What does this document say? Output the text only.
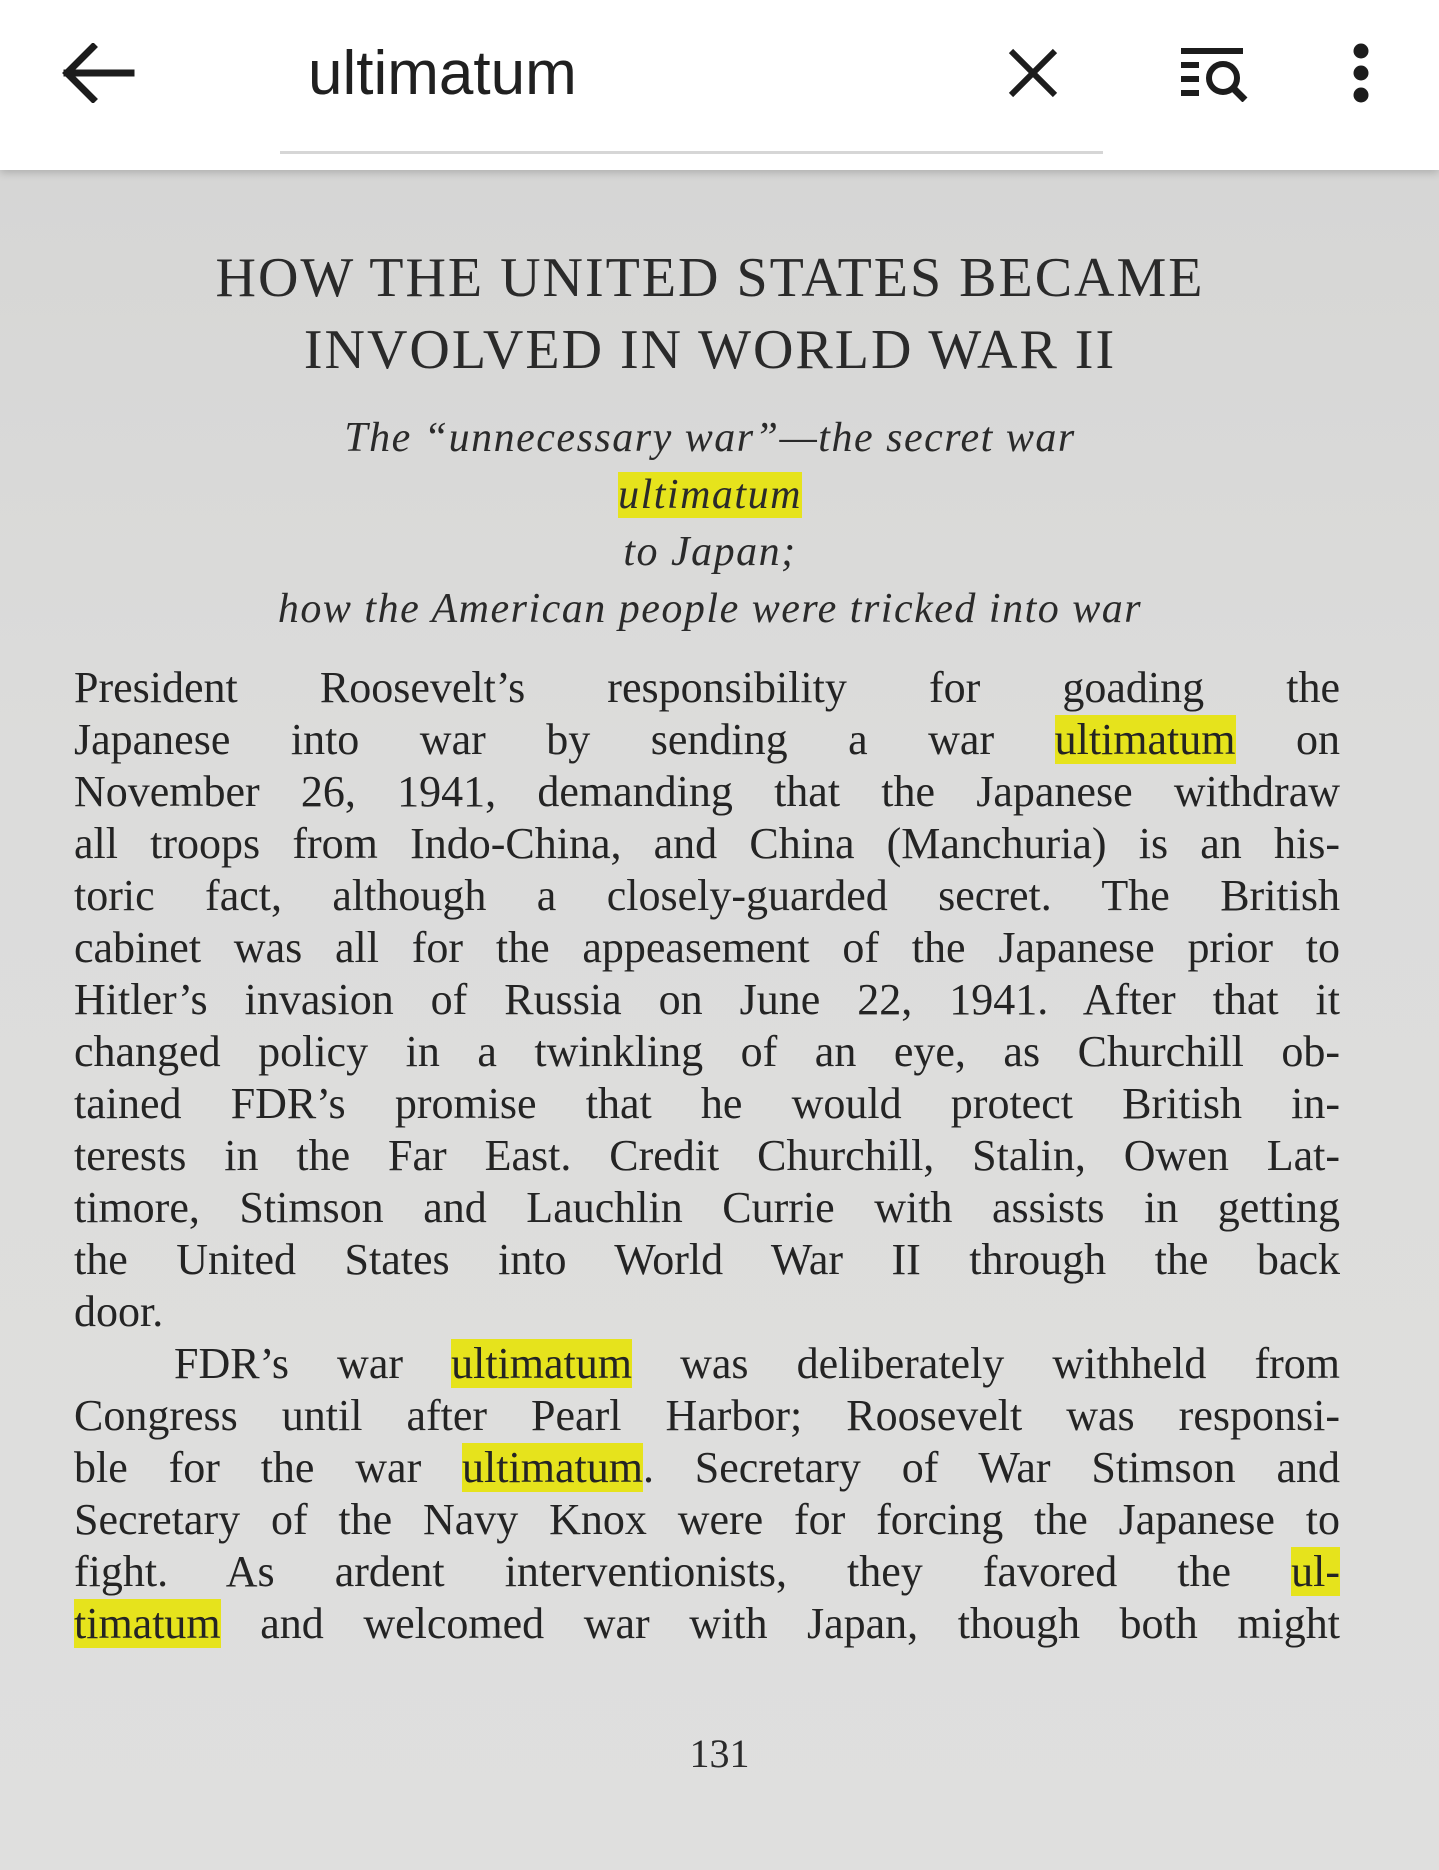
ultimatum
HOW THE UNITED STATES BECAME
INVOLVED IN WORLD WAR II

The “unnecessary war”—the secret war
ultimatum
to Japan;
how the American people were tricked into war

President Roosevelt’s responsibility for goading the
Japanese into war by sending a war ultimatum on
November 26, 1941, demanding that the Japanese withdraw
all troops from Indo-China, and China (Manchuria) is an his-
toric fact, although a closely-guarded secret. The British
cabinet was all for the appeasement of the Japanese prior to
Hitler’s invasion of Russia on June 22, 1941. After that it
changed policy in a twinkling of an eye, as Churchill ob-
tained FDR’s promise that he would protect British in-
terests in the Far East. Credit Churchill, Stalin, Owen Lat-
timore, Stimson and Lauchlin Currie with assists in getting
the United States into World War II through the back
door.
FDR’s war ultimatum was deliberately withheld from
Congress until after Pearl Harbor; Roosevelt was responsi-
ble for the war ultimatum. Secretary of War Stimson and
Secretary of the Navy Knox were for forcing the Japanese to
fight. As ardent interventionists, they favored the ul-
timatum and welcomed war with Japan, though both might
131
